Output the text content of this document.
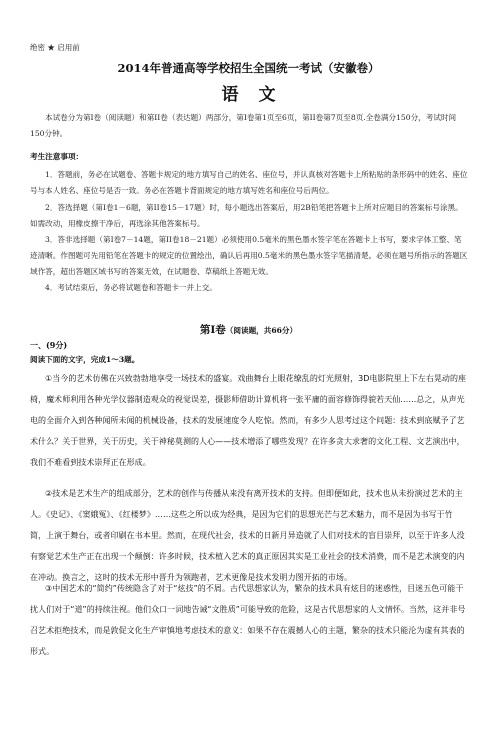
绝密 ★ 启用前
2014年普通高等学校招生全国统一考试（安徽卷）
语文
本试卷分为第I卷（阅读题）和第II卷（表达题）两部分，第I卷第1页至6页，第II卷第7页至8页.全卷满分150分，考试时间150分钟。
考生注意事项：
1．答题前，务必在试题卷、答题卡规定的地方填写自己的姓名、座位号，并认真核对答题卡上所粘贴的条形码中的姓名、座位号与本人姓名、座位号是否一致。务必在答题卡背面规定的地方填写姓名和座位号后两位。
2．答选择题（第I卷1－6题，第II卷15－17题）时，每小题选出答案后，用2B铅笔把答题卡上所对应题目的答案标号涂黑。如需改动，用橡皮擦干净后，再选涂其他答案标号。
3．答非选择题（第I卷7－14题，第II卷18－21题）必须使用0.5毫米的黑色墨水签字笔在答题卡上书写，要求字体工整、笔迹清晰。作图题可先用铅笔在答题卡的规定的位置绘出，确认后再用0.5毫米的黑色墨水签字笔描清楚。必须在题号所指示的答题区域作答，超出答题区域书写的答案无效，在试题卷、草稿纸上答题无效。
4．考试结束后，务必将试题卷和答题卡一并上交。
第I卷（阅读题，共66分）
一、(9分)
阅读下面的文字，完成1～3题。
①当今的艺术仿佛在兴致勃勃地享受一场技术的盛宴。戏曲舞台上眼花缭乱的灯光照射，3D电影院里上下左右晃动的座椅，魔术师利用各种光学仪器制造观众的视觉误差，摄影师借助计算机将一张平庸的面容修饰得貌若天仙……总之，从声光电的全面介入到各种闻所未闻的机械设备，技术的发展速度令人吃惊。然而，有多少人思考过这个问题：技术到底赋予了艺术什么？关于世界，关于历史，关于神秘莫测的人心——技术增添了哪些发现？在许多贪大求奢的文化工程、文艺演出中，我们不难看到技术崇拜正在形成。
②技术是艺术生产的组成部分，艺术的创作与传播从来没有离开技术的支持。但即便如此，技术也从未扮演过艺术的主人。《史记》、《窦娥冤》、《红楼梦》……这些之所以成为经典，是因为它们的思想光芒与艺术魅力，而不是因为书写于竹简，上演于舞台，或者印刷在书本里。然而，在现代社会，技术的日新月异造就了人们对技术的盲目崇拜，以至于许多人没有察觉艺术生产正在出现一个颠倒：许多时候，技术植入艺术的真正原因其实是工业社会的技术消费，而不是艺术演变的内在冲动。换言之，这时的技术无形中晋升为领跑者，艺术更像是技术发明力图开拓的市场。
③中国艺术的“简约”传统隐含了对于“炫技”的不屑。古代思想家认为，繁杂的技术具有炫目的迷惑性，目迷五色可能干扰人们对于“道”的持续注视。他们众口一词地告诫“文胜质”可能导致的危险，这是古代思想家的人文情怀。当然，这并非号召艺术拒绝技术，而是敦促文化生产审慎地考虑技术的意义：如果不存在震撼人心的主题，繁杂的技术只能沦为虚有其表的形式。
